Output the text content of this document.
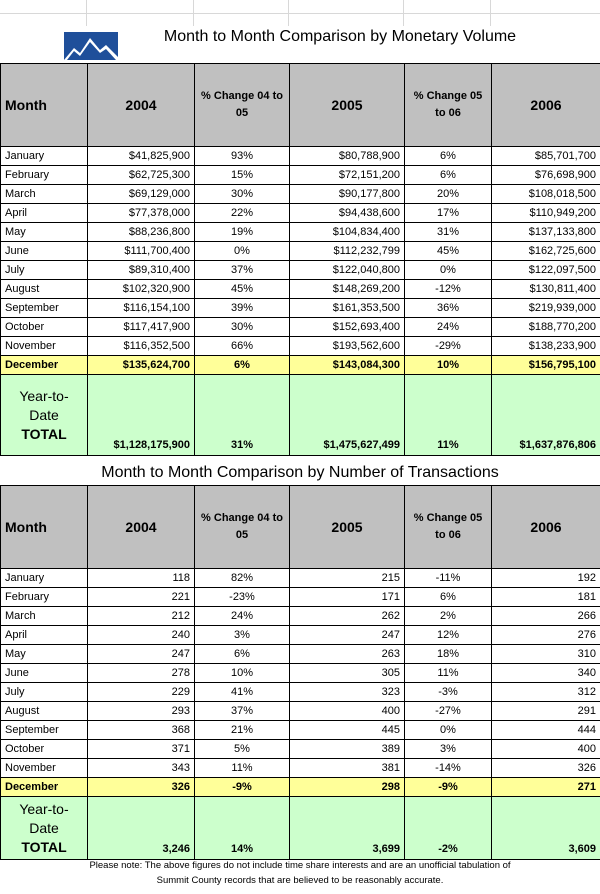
Month to Month Comparison by Monetary Volume
Month	2004	% Change 04 to 05	2005	% Change 05 to 06	2006
January	$41,825,900	93%	$80,788,900	6%	$85,701,700
February	$62,725,300	15%	$72,151,200	6%	$76,698,900
March	$69,129,000	30%	$90,177,800	20%	$108,018,500
April	$77,378,000	22%	$94,438,600	17%	$110,949,200
May	$88,236,800	19%	$104,834,400	31%	$137,133,800
June	$111,700,400	0%	$112,232,799	45%	$162,725,600
July	$89,310,400	37%	$122,040,800	0%	$122,097,500
August	$102,320,900	45%	$148,269,200	-12%	$130,811,400
September	$116,154,100	39%	$161,353,500	36%	$219,939,000
October	$117,417,900	30%	$152,693,400	24%	$188,770,200
November	$116,352,500	66%	$193,562,600	-29%	$138,233,900
December	$135,624,700	6%	$143,084,300	10%	$156,795,100

Year-to-
Date
TOTAL	$1,128,175,900	31%	$1,475,627,499	11%	$1,637,876,806
Month to Month Comparison by Number of Transactions
Month	2004	% Change 04 to 05	2005	% Change 05 to 06	2006
January	118	82%	215	-11%	192
February	221	-23%	171	6%	181
March	212	24%	262	2%	266
April	240	3%	247	12%	276
May	247	6%	263	18%	310
June	278	10%	305	11%	340
July	229	41%	323	-3%	312
August	293	37%	400	-27%	291
September	368	21%	445	0%	444
October	371	5%	389	3%	400
November	343	11%	381	-14%	326
December	326	-9%	298	-9%	271

Year-to-
Date
TOTAL	3,246	14%	3,699	-2%	3,609
Please note: The above figures do not include time share interests and are an unofficial tabulation of
Summit County records that are believed to be reasonably accurate.
